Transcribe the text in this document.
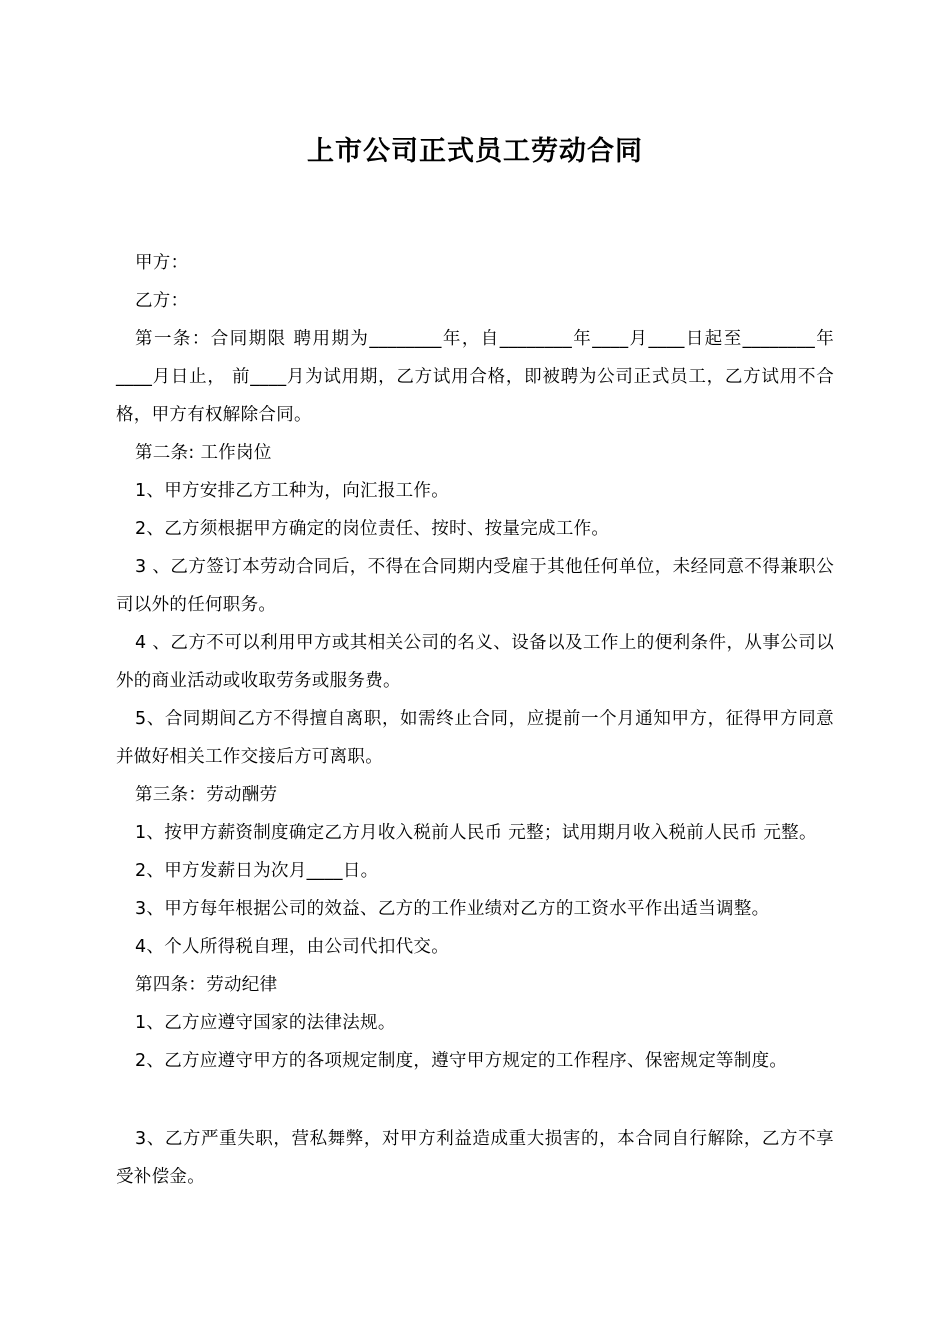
上市公司正式员工劳动合同

甲方：

乙方：

第一条：合同期限 聘用期为________年，自________年____月____日起至________年____月日止， 前____月为试用期，乙方试用合格，即被聘为公司正式员工，乙方试用不合格，甲方有权解除合同。

第二条: 工作岗位

1、甲方安排乙方工种为，向汇报工作。

2、乙方须根据甲方确定的岗位责任、按时、按量完成工作。

3 、乙方签订本劳动合同后，不得在合同期内受雇于其他任何单位，未经同意不得兼职公司以外的任何职务。

4 、乙方不可以利用甲方或其相关公司的名义、设备以及工作上的便利条件，从事公司以外的商业活动或收取劳务或服务费。

5、合同期间乙方不得擅自离职，如需终止合同，应提前一个月通知甲方，征得甲方同意并做好相关工作交接后方可离职。

第三条：劳动酬劳

1、按甲方薪资制度确定乙方月收入税前人民币 元整；试用期月收入税前人民币 元整。

2、甲方发薪日为次月____日。

3、甲方每年根据公司的效益、乙方的工作业绩对乙方的工资水平作出适当调整。

4、个人所得税自理，由公司代扣代交。

第四条：劳动纪律

1、乙方应遵守国家的法律法规。

2、乙方应遵守甲方的各项规定制度，遵守甲方规定的工作程序、保密规定等制度。

3、乙方严重失职，营私舞弊，对甲方利益造成重大损害的，本合同自行解除，乙方不享受补偿金。
